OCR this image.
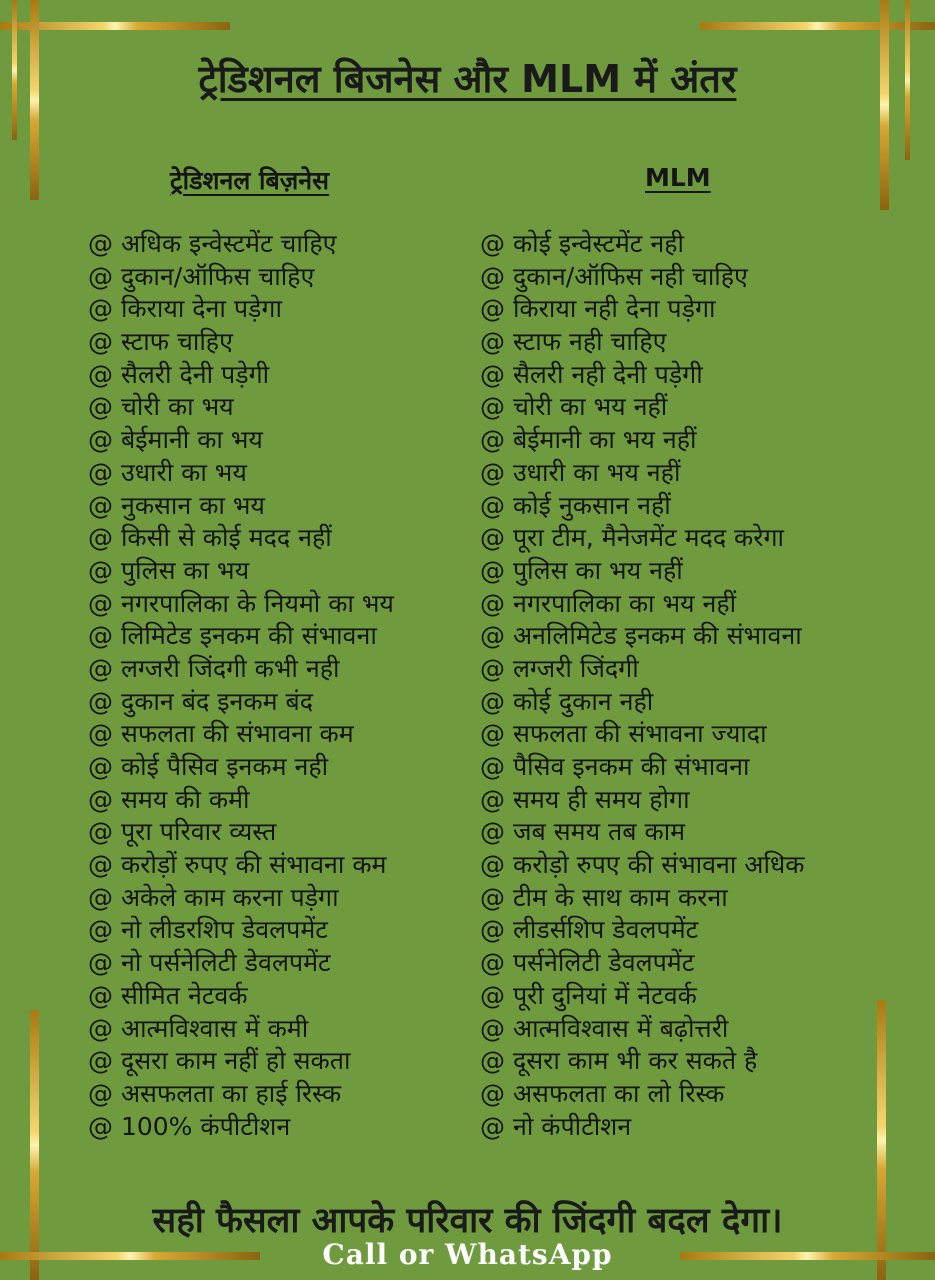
ट्रेडिशनल बिजनेस और MLM में अंतर
ट्रेडिशनल बिज़नेस	MLM
@ अधिक इन्वेस्टमेंट चाहिए
@ दुकान/ऑफिस चाहिए
@ किराया देना पड़ेगा
@ स्टाफ चाहिए
@ सैलरी देनी पड़ेगी
@ चोरी का भय
@ बेईमानी का भय
@ उधारी का भय
@ नुकसान का भय
@ किसी से कोई मदद नहीं
@ पुलिस का भय
@ नगरपालिका के नियमो का भय
@ लिमिटेड इनकम की संभावना
@ लग्जरी जिंदगी कभी नही
@ दुकान बंद इनकम बंद
@ सफलता की संभावना कम
@ कोई पैसिव इनकम नही
@ समय की कमी
@ पूरा परिवार व्यस्त
@ करोड़ों रुपए की संभावना कम
@ अकेले काम करना पड़ेगा
@ नो लीडरशिप डेवलपमेंट
@ नो पर्सनेलिटी डेवलपमेंट
@ सीमित नेटवर्क
@ आत्मविश्वास में कमी
@ दूसरा काम नहीं हो सकता
@ असफलता का हाई रिस्क
@ 100% कंपीटीशन
@ कोई इन्वेस्टमेंट नही
@ दुकान/ऑफिस नही चाहिए
@ किराया नही देना पड़ेगा
@ स्टाफ नही चाहिए
@ सैलरी नही देनी पड़ेगी
@ चोरी का भय नहीं
@ बेईमानी का भय नहीं
@ उधारी का भय नहीं
@ कोई नुकसान नहीं
@ पूरा टीम, मैनेजमेंट मदद करेगा
@ पुलिस का भय नहीं
@ नगरपालिका का भय नहीं
@ अनलिमिटेड इनकम की संभावना
@ लग्जरी जिंदगी
@ कोई दुकान नही
@ सफलता की संभावना ज्यादा
@ पैसिव इनकम की संभावना
@ समय ही समय होगा
@ जब समय तब काम
@ करोड़ो रुपए की संभावना अधिक
@ टीम के साथ काम करना
@ लीडर्सशिप डेवलपमेंट
@ पर्सनेलिटी डेवलपमेंट
@ पूरी दुनियां में नेटवर्क
@ आत्मविश्वास में बढ़ोत्तरी
@ दूसरा काम भी कर सकते है
@ असफलता का लो रिस्क
@ नो कंपीटीशन
सही फैसला आपके परिवार की जिंदगी बदल देगा।
Call or WhatsApp
